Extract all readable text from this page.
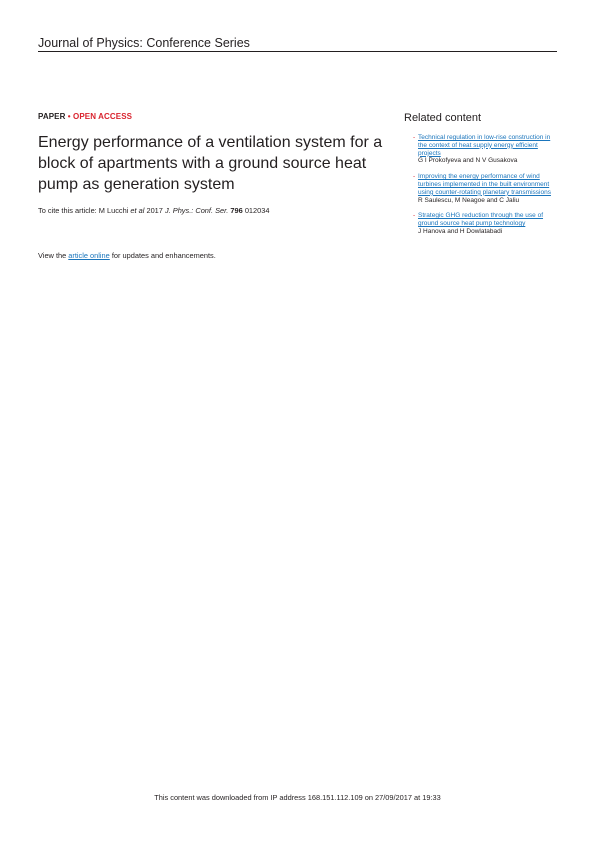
Journal of Physics: Conference Series
PAPER • OPEN ACCESS
Energy performance of a ventilation system for a block of apartments with a ground source heat pump as generation system
To cite this article: M Lucchi et al 2017 J. Phys.: Conf. Ser. 796 012034
View the article online for updates and enhancements.
Related content
- Technical regulation in low-rise construction in the context of heat supply energy efficient projects
G I Prokofyeva and N V Gusakova
- Improving the energy performance of wind turbines implemented in the built environment using counter-rotating planetary transmissions
R Saulescu, M Neagoe and C Jaliu
- Strategic GHG reduction through the use of ground source heat pump technology
J Hanova and H Dowlatabadi
This content was downloaded from IP address 168.151.112.109 on 27/09/2017 at 19:33
